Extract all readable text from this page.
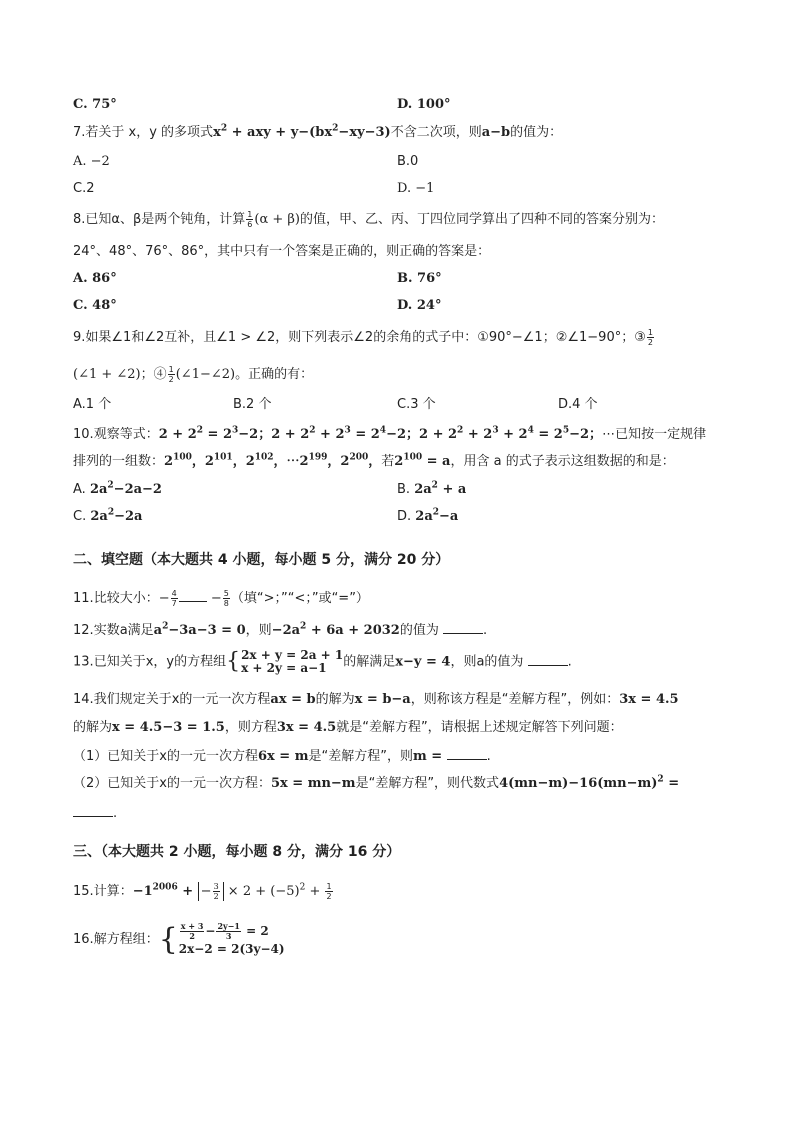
C. 75°	D. 100°
7.若关于 x，y 的多项式$x^2$ + axy + $y-(bx^2-xy-3)$不含二次项，则a−b的值为：
A. −2	B.0
C.2	D. −1
8.已知α、β是两个钝角，计算 $\frac{1}{6} (\alpha + \beta)$的值，甲、乙、丙、丁四位同学算出了四种不同的答案分别为：
24°、48°、76°、86°，其中只有一个答案是正确的，则正确的答案是：
A. 86°	B. 76°
C. 48°	D. 24°
9.如果∠1和∠2互补，且∠1 > ∠2，则下列表示∠2的余角的式子中：①90°−∠1；②∠1−90°；③ $\frac{1}{2}$
(∠1 + ∠2)；④ $\frac{1}{2}$ (∠1−∠2)。正确的有：
A.1 个	B.2 个	C.3 个	D.4 个
10.观察等式：$2 + 2^2 = 2^3-2$；$2 + 2^2 + 2^3 = 2^4-2$；$2 + 2^2 + 2^3 + 2^4 = 2^5-2$；⋯已知按一定规律
排列的一组数：$2^{100}$，$2^{101}$，$2^{102}$，$\cdots 2^{199}$，$2^{200}$，若$2^{100} = a$，用含 a 的式子表示这组数据的和是：
A. $2a^2-2a-2$	B. $2a^2 + a$
C. $2a^2-2a$	D. $2a^2-a$
二、填空题（本大题共 4 小题，每小题 5 分，满分 20 分）
11.比较大小：− $\frac{4}{7}$	− $\frac{5}{8}$ （填“>；”“<；”或“=”）
12.实数a满足$a^2-3a-3 = 0$，则$-2a^2 + 6a + 2032$的值为	.
13.已知关于x，y的方程组 { 2x + y = 2a + 1
x + 2y = a−1	的解满足x−y = 4，则a的值为	.
14.我们规定关于x的一元一次方程ax = b的解为x = b−a，则称该方程是“差解方程”，例如：3x = 4.5
的解为x = 4.5−3 = 1.5，则方程3x = 4.5就是“差解方程”，请根据上述规定解答下列问题：
（1）已知关于x的一元一次方程6x = m是“差解方程”，则m =	.
（2）已知关于x的一元一次方程：5x = mn−m是“差解方程”，则代数式$4(mn-m)-16(mn-m)^2$ =
.
三、（本大题共 2 小题，每小题 8 分，满分 16 分）
15.计算：$-1^{2006}$ + − $\frac{3}{2} \times 2 + (-5)^2 + \frac{1}{2}$
16.解方程组： { $\frac{x + 3}{2} - \frac{2y-1}{3} = 2$
2x−2 = 2(3y−4)
